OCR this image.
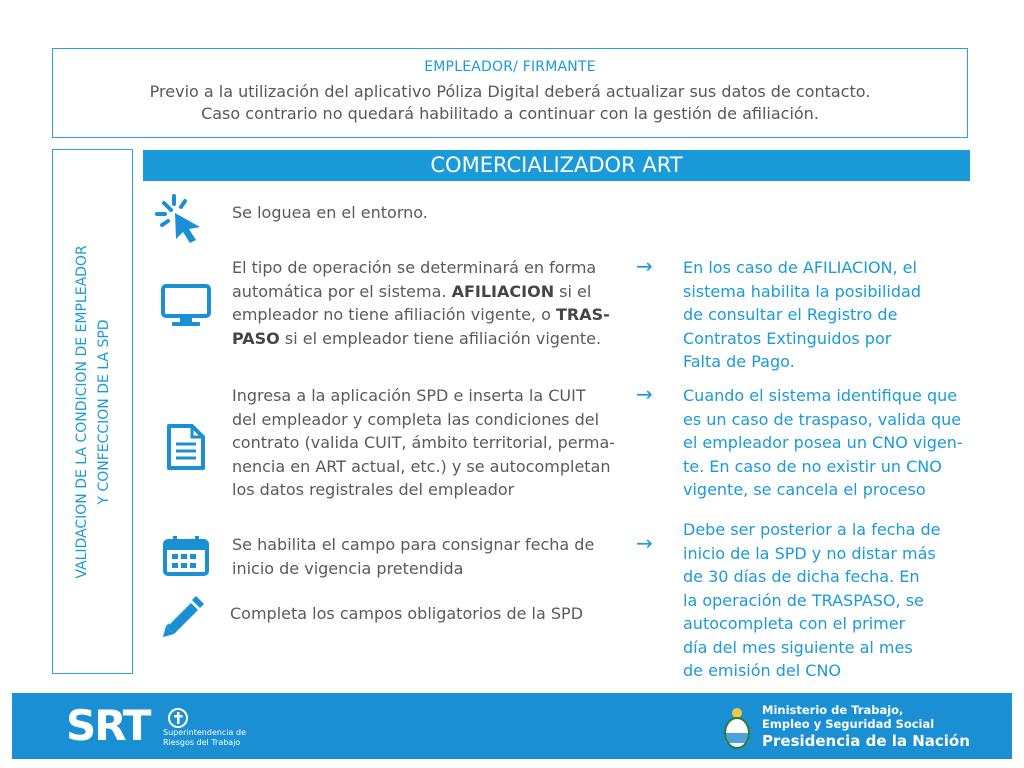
EMPLEADOR/ FIRMANTE
Previo a la utilización del aplicativo Póliza Digital deberá actualizar sus datos de contacto.
Caso contrario no quedará habilitado a continuar con la gestión de afiliación.
VALIDACION DE LA CONDICION DE EMPLEADOR Y CONFECCION DE LA SPD
COMERCIALIZADOR ART
Se loguea en el entorno.
El tipo de operación se determinará en forma
automática por el sistema. AFILIACION si el
empleador no tiene afiliación vigente, o TRAS-
PASO si el empleador tiene afiliación vigente.
→ En los caso de AFILIACION, el
sistema habilita la posibilidad
de consultar el Registro de
Contratos Extinguidos por
Falta de Pago.
Ingresa a la aplicación SPD e inserta la CUIT
del empleador y completa las condiciones del
contrato (valida CUIT, ámbito territorial, perma-
nencia en ART actual, etc.) y se autocompletan
los datos registrales del empleador
→ Cuando el sistema identifique que
es un caso de traspaso, valida que
el empleador posea un CNO vigen-
te. En caso de no existir un CNO
vigente, se cancela el proceso
Se habilita el campo para consignar fecha de
inicio de vigencia pretendida
→
Debe ser posterior a la fecha de
inicio de la SPD y no distar más
de 30 días de dicha fecha. En
la operación de TRASPASO, se
autocompleta con el primer
día del mes siguiente al mes
de emisión del CNO
Completa los campos obligatorios de la SPD
SRT Superintendencia de
Riesgos del Trabajo
Ministerio de Trabajo,
Empleo y Seguridad Social
Presidencia de la Nación
